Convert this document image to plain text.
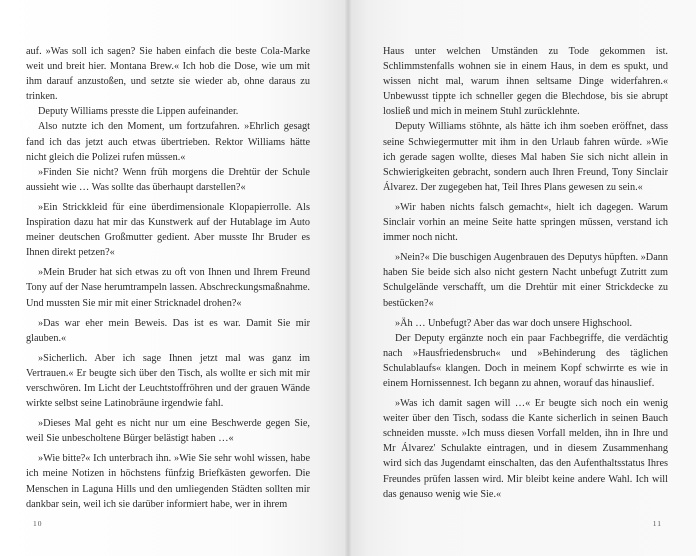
auf. »Was soll ich sagen? Sie haben einfach die beste Cola-Marke weit und breit hier. Montana Brew.« Ich hob die Dose, wie um mit ihm darauf anzustoßen, und setzte sie wieder ab, ohne daraus zu trinken.

Deputy Williams presste die Lippen aufeinander.

Also nutzte ich den Moment, um fortzufahren. »Ehrlich gesagt fand ich das jetzt auch etwas übertrieben. Rektor Williams hätte nicht gleich die Polizei rufen müssen.«

»Finden Sie nicht? Wenn früh morgens die Drehtür der Schule aussieht wie … Was sollte das überhaupt darstellen?«

»Ein Strickkleid für eine überdimensionale Klopapierrolle. Als Inspiration dazu hat mir das Kunstwerk auf der Hutablage im Auto meiner deutschen Großmutter gedient. Aber musste Ihr Bruder es Ihnen direkt petzen?«

»Mein Bruder hat sich etwas zu oft von Ihnen und Ihrem Freund Tony auf der Nase herumtrampeln lassen. Abschreckungsmaßnahme. Und mussten Sie mir mit einer Stricknadel drohen?«

»Das war eher mein Beweis. Das ist es war. Damit Sie mir glauben.«

»Sicherlich. Aber ich sage Ihnen jetzt mal was ganz im Vertrauen.« Er beugte sich über den Tisch, als wollte er sich mit mir verschwören. Im Licht der Leuchtstoffröhren und der grauen Wände wirkte selbst seine Latinobräune irgendwie fahl.

»Dieses Mal geht es nicht nur um eine Beschwerde gegen Sie, weil Sie unbescholtene Bürger belästigt haben …«

»Wie bitte?« Ich unterbrach ihn. »Wie Sie sehr wohl wissen, habe ich meine Notizen in höchstens fünfzig Briefkästen geworfen. Die Menschen in Laguna Hills und den umliegenden Städten sollten mir dankbar sein, weil ich sie darüber informiert habe, wer in ihrem

10

Haus unter welchen Umständen zu Tode gekommen ist. Schlimmstenfalls wohnen sie in einem Haus, in dem es spukt, und wissen nicht mal, warum ihnen seltsame Dinge widerfahren.« Unbewusst tippte ich schneller gegen die Blechdose, bis sie abrupt losließ und mich in meinem Stuhl zurücklehnte.

Deputy Williams stöhnte, als hätte ich ihm soeben eröffnet, dass seine Schwiegermutter mit ihm in den Urlaub fahren würde. »Wie ich gerade sagen wollte, dieses Mal haben Sie sich nicht allein in Schwierigkeiten gebracht, sondern auch Ihren Freund, Tony Sinclair Álvarez. Der zugegeben hat, Teil Ihres Plans gewesen zu sein.«

»Wir haben nichts falsch gemacht«, hielt ich dagegen. Warum Sinclair vorhin an meine Seite hatte springen müssen, verstand ich immer noch nicht.

»Nein?« Die buschigen Augenbrauen des Deputys hüpften. »Dann haben Sie beide sich also nicht gestern Nacht unbefugt Zutritt zum Schulgelände verschafft, um die Drehtür mit einer Strickdecke zu bestücken?«

»Äh … Unbefugt? Aber das war doch unsere Highschool.

Der Deputy ergänzte noch ein paar Fachbegriffe, die verdächtig nach »Hausfriedensbruch« und »Behinderung des täglichen Schulablaufs« klangen. Doch in meinem Kopf schwirrte es wie in einem Hornissennest. Ich begann zu ahnen, worauf das hinauslief.

»Was ich damit sagen will …« Er beugte sich noch ein wenig weiter über den Tisch, sodass die Kante sicherlich in seinen Bauch schneiden musste. »Ich muss diesen Vorfall melden, ihn in Ihre und Mr Álvarez' Schulakte eintragen, und in diesem Zusammenhang wird sich das Jugendamt einschalten, das den Aufenthaltsstatus Ihres Freundes prüfen lassen wird. Mir bleibt keine andere Wahl. Ich will das genauso wenig wie Sie.«

11
